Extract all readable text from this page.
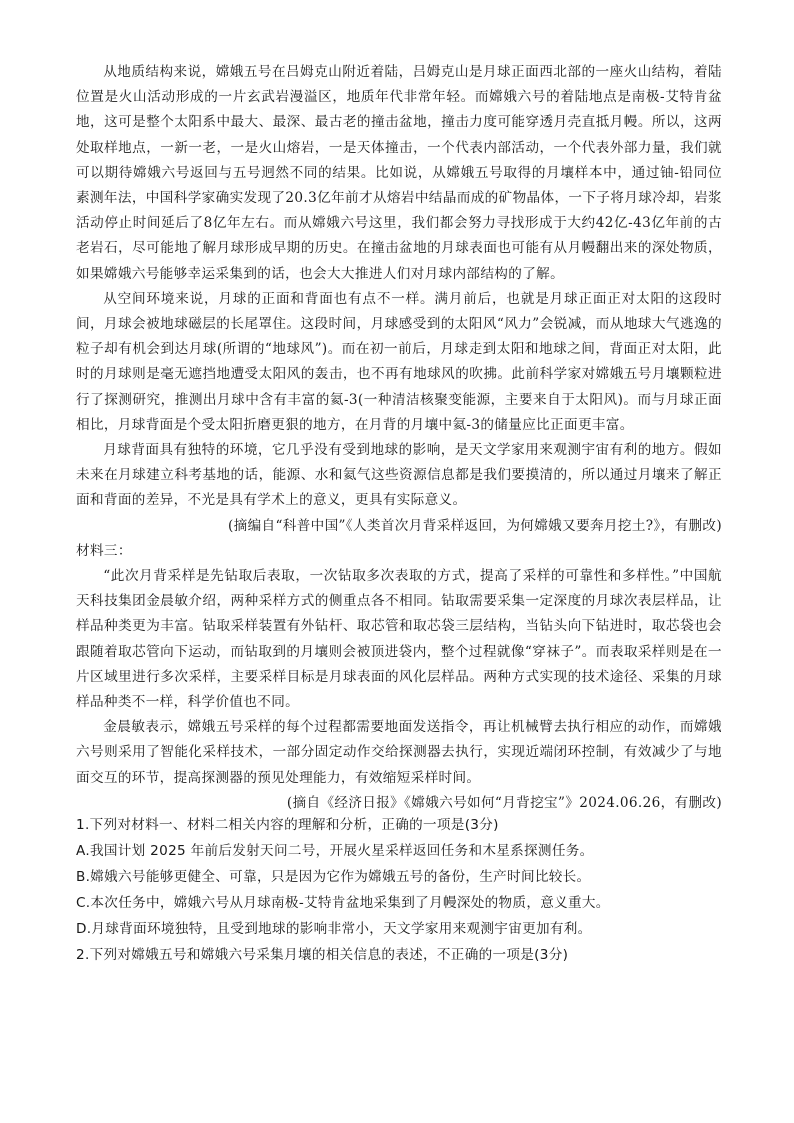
从地质结构来说，嫦娥五号在吕姆克山附近着陆，吕姆克山是月球正面西北部的一座火山结构，着陆位置是火山活动形成的一片玄武岩漫溢区，地质年代非常年轻。而嫦娥六号的着陆地点是南极-艾特肯盆地，这可是整个太阳系中最大、最深、最古老的撞击盆地，撞击力度可能穿透月壳直抵月幔。所以，这两处取样地点，一新一老，一是火山熔岩，一是天体撞击，一个代表内部活动，一个代表外部力量，我们就可以期待嫦娥六号返回与五号迥然不同的结果。比如说，从嫦娥五号取得的月壤样本中，通过铀-铅同位素测年法，中国科学家确实发现了20.3亿年前才从熔岩中结晶而成的矿物晶体，一下子将月球冷却，岩浆活动停止时间延后了8亿年左右。而从嫦娥六号这里，我们都会努力寻找形成于大约42亿-43亿年前的古老岩石，尽可能地了解月球形成早期的历史。在撞击盆地的月球表面也可能有从月幔翻出来的深处物质，如果嫦娥六号能够幸运采集到的话，也会大大推进人们对月球内部结构的了解。

从空间环境来说，月球的正面和背面也有点不一样。满月前后，也就是月球正面正对太阳的这段时间，月球会被地球磁层的长尾罩住。这段时间，月球感受到的太阳风“风力”会锐减，而从地球大气逃逸的粒子却有机会到达月球(所谓的“地球风”)。而在初一前后，月球走到太阳和地球之间，背面正对太阳，此时的月球则是毫无遮挡地遭受太阳风的轰击，也不再有地球风的吹拂。此前科学家对嫦娥五号月壤颗粒进行了探测研究，推测出月球中含有丰富的氦-3(一种清洁核聚变能源，主要来自于太阳风)。而与月球正面相比，月球背面是个受太阳折磨更狠的地方，在月背的月壤中氦-3的储量应比正面更丰富。

月球背面具有独特的环境，它几乎没有受到地球的影响，是天文学家用来观测宇宙有利的地方。假如未来在月球建立科考基地的话，能源、水和氦气这些资源信息都是我们要摸清的，所以通过月壤来了解正面和背面的差异，不光是具有学术上的意义，更具有实际意义。

(摘编自“科普中国”《人类首次月背采样返回，为何嫦娥又要奔月挖土?》，有删改)

材料三：

“此次月背采样是先钻取后表取，一次钻取多次表取的方式，提高了采样的可靠性和多样性。”中国航天科技集团金晨敏介绍，两种采样方式的侧重点各不相同。钻取需要采集一定深度的月球次表层样品，让样品种类更为丰富。钻取采样装置有外钻杆、取芯管和取芯袋三层结构，当钻头向下钻进时，取芯袋也会跟随着取芯管向下运动，而钻取到的月壤则会被顶进袋内，整个过程就像“穿袜子”。而表取采样则是在一片区域里进行多次采样，主要采样目标是月球表面的风化层样品。两种方式实现的技术途径、采集的月球样品种类不一样，科学价值也不同。

金晨敏表示，嫦娥五号采样的每个过程都需要地面发送指令，再让机械臂去执行相应的动作，而嫦娥六号则采用了智能化采样技术，一部分固定动作交给探测器去执行，实现近端闭环控制，有效减少了与地面交互的环节，提高探测器的预见处理能力，有效缩短采样时间。

(摘自《经济日报》《嫦娥六号如何“月背挖宝”》2024.06.26，有删改)

1.下列对材料一、材料二相关内容的理解和分析，正确的一项是(3分)

A.我国计划 2025 年前后发射天问二号，开展火星采样返回任务和木星系探测任务。

B.嫦娥六号能够更健全、可靠，只是因为它作为嫦娥五号的备份，生产时间比较长。

C.本次任务中，嫦娥六号从月球南极-艾特肯盆地采集到了月幔深处的物质，意义重大。

D.月球背面环境独特，且受到地球的影响非常小，天文学家用来观测宇宙更加有利。

2.下列对嫦娥五号和嫦娥六号采集月壤的相关信息的表述，不正确的一项是(3分)
